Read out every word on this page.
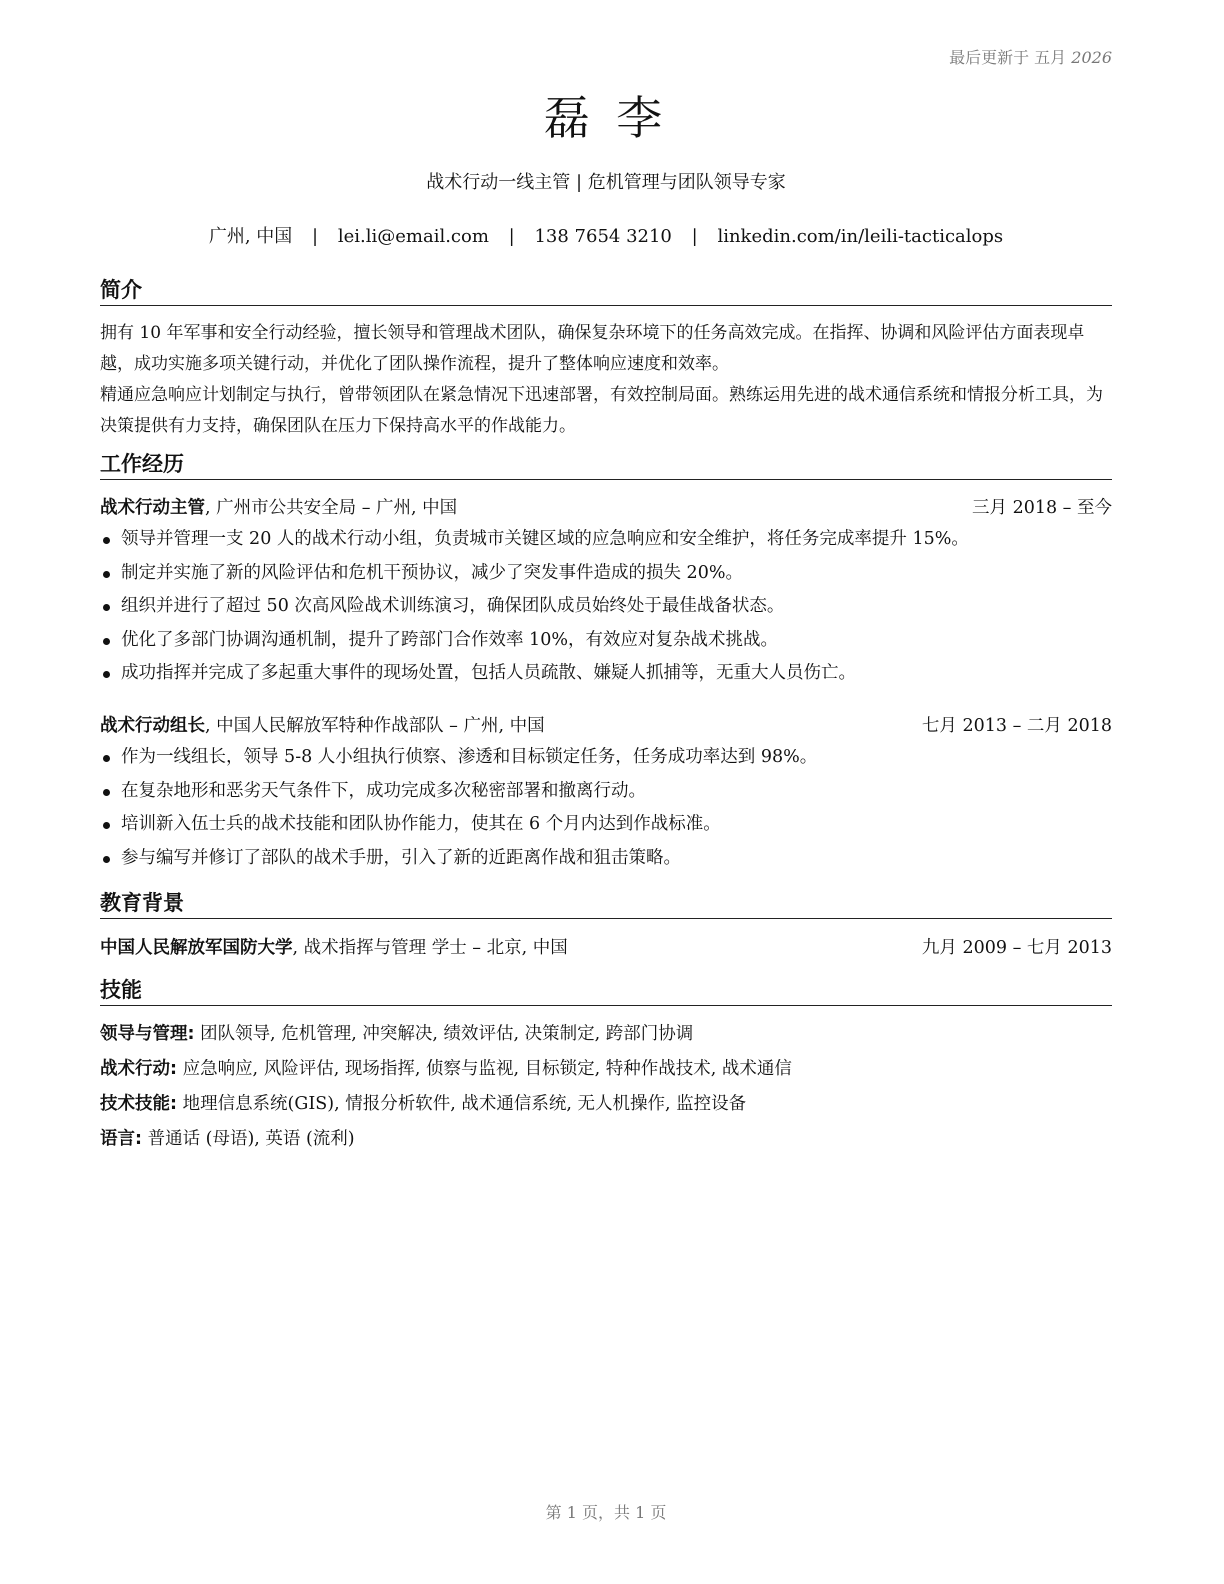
最后更新于 五月 2026
磊 李
战术行动一线主管 | 危机管理与团队领导专家
广州, 中国 | lei.li@email.com | 138 7654 3210 | linkedin.com/in/leili-tacticalops
简介

拥有 10 年军事和安全行动经验，擅长领导和管理战术团队，确保复杂环境下的任务高效完成。在指挥、协调和风险评估方面表现卓越，成功实施多项关键行动，并优化了团队操作流程，提升了整体响应速度和效率。

精通应急响应计划制定与执行，曾带领团队在紧急情况下迅速部署，有效控制局面。熟练运用先进的战术通信系统和情报分析工具，为决策提供有力支持，确保团队在压力下保持高水平的作战能力。

工作经历
战术行动主管, 广州市公共安全局 – 广州, 中国	三月 2018 – 至今
领导并管理一支 20 人的战术行动小组，负责城市关键区域的应急响应和安全维护，将任务完成率提升 15%。
制定并实施了新的风险评估和危机干预协议，减少了突发事件造成的损失 20%。
组织并进行了超过 50 次高风险战术训练演习，确保团队成员始终处于最佳战备状态。
优化了多部门协调沟通机制，提升了跨部门合作效率 10%，有效应对复杂战术挑战。
成功指挥并完成了多起重大事件的现场处置，包括人员疏散、嫌疑人抓捕等，无重大人员伤亡。
战术行动组长, 中国人民解放军特种作战部队 – 广州, 中国	七月 2013 – 二月 2018
作为一线组长，领导 5-8 人小组执行侦察、渗透和目标锁定任务，任务成功率达到 98%。
在复杂地形和恶劣天气条件下，成功完成多次秘密部署和撤离行动。
培训新入伍士兵的战术技能和团队协作能力，使其在 6 个月内达到作战标准。
参与编写并修订了部队的战术手册，引入了新的近距离作战和狙击策略。
教育背景
中国人民解放军国防大学, 战术指挥与管理 学士 – 北京, 中国	九月 2009 – 七月 2013
技能
领导与管理: 团队领导, 危机管理, 冲突解决, 绩效评估, 决策制定, 跨部门协调
战术行动: 应急响应, 风险评估, 现场指挥, 侦察与监视, 目标锁定, 特种作战技术, 战术通信
技术技能: 地理信息系统(GIS), 情报分析软件, 战术通信系统, 无人机操作, 监控设备
语言: 普通话 (母语), 英语 (流利)
第 1 页，共 1 页
